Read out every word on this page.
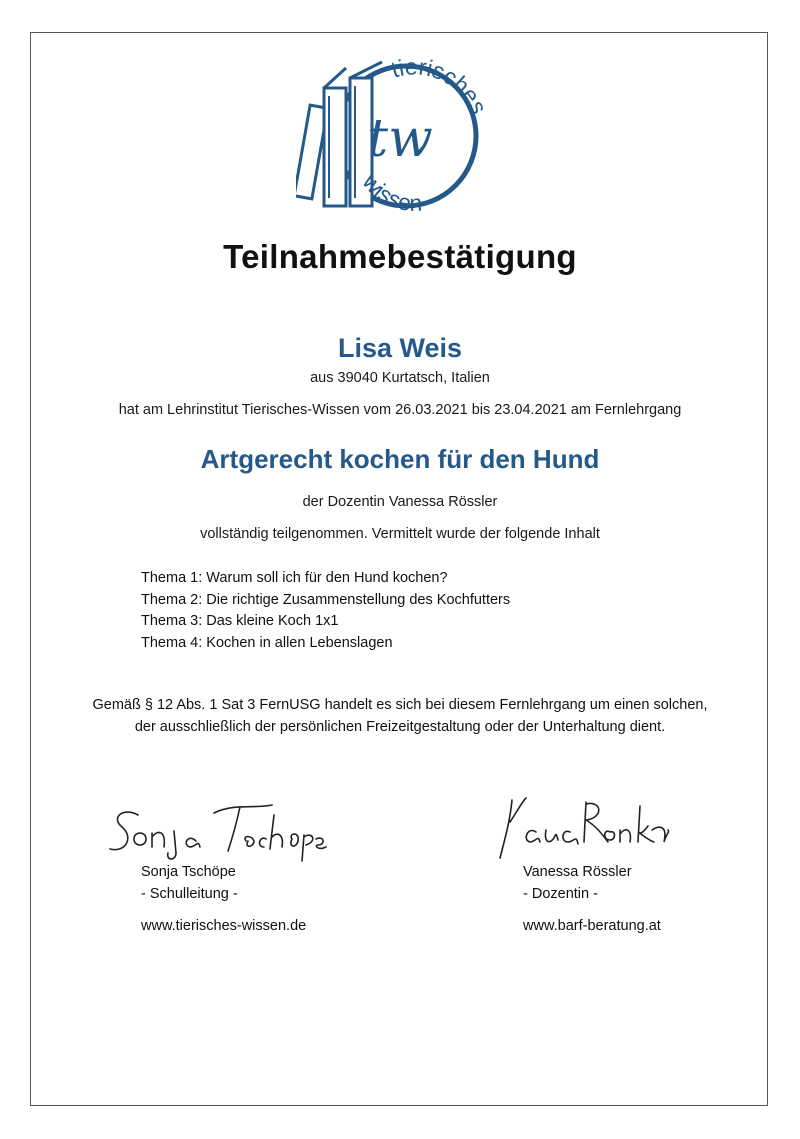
tierisches
wissen
tw
Teilnahmebestätigung
Lisa Weis
aus 39040 Kurtatsch, Italien
hat am Lehrinstitut Tierisches-Wissen vom 26.03.2021 bis 23.04.2021 am Fernlehrgang
Artgerecht kochen für den Hund
der Dozentin Vanessa Rössler
vollständig teilgenommen. Vermittelt wurde der folgende Inhalt
Thema 1: Warum soll ich für den Hund kochen?
Thema 2: Die richtige Zusammenstellung des Kochfutters
Thema 3: Das kleine Koch 1x1
Thema 4: Kochen in allen Lebenslagen
Gemäß § 12 Abs. 1 Sat 3 FernUSG handelt es sich bei diesem Fernlehrgang um einen solchen,
der ausschließlich der persönlichen Freizeitgestaltung oder der Unterhaltung dient.
Sonja Tschöpe
- Schulleitung -
www.tierisches-wissen.de
Vanessa Rössler
- Dozentin -
www.barf-beratung.at
